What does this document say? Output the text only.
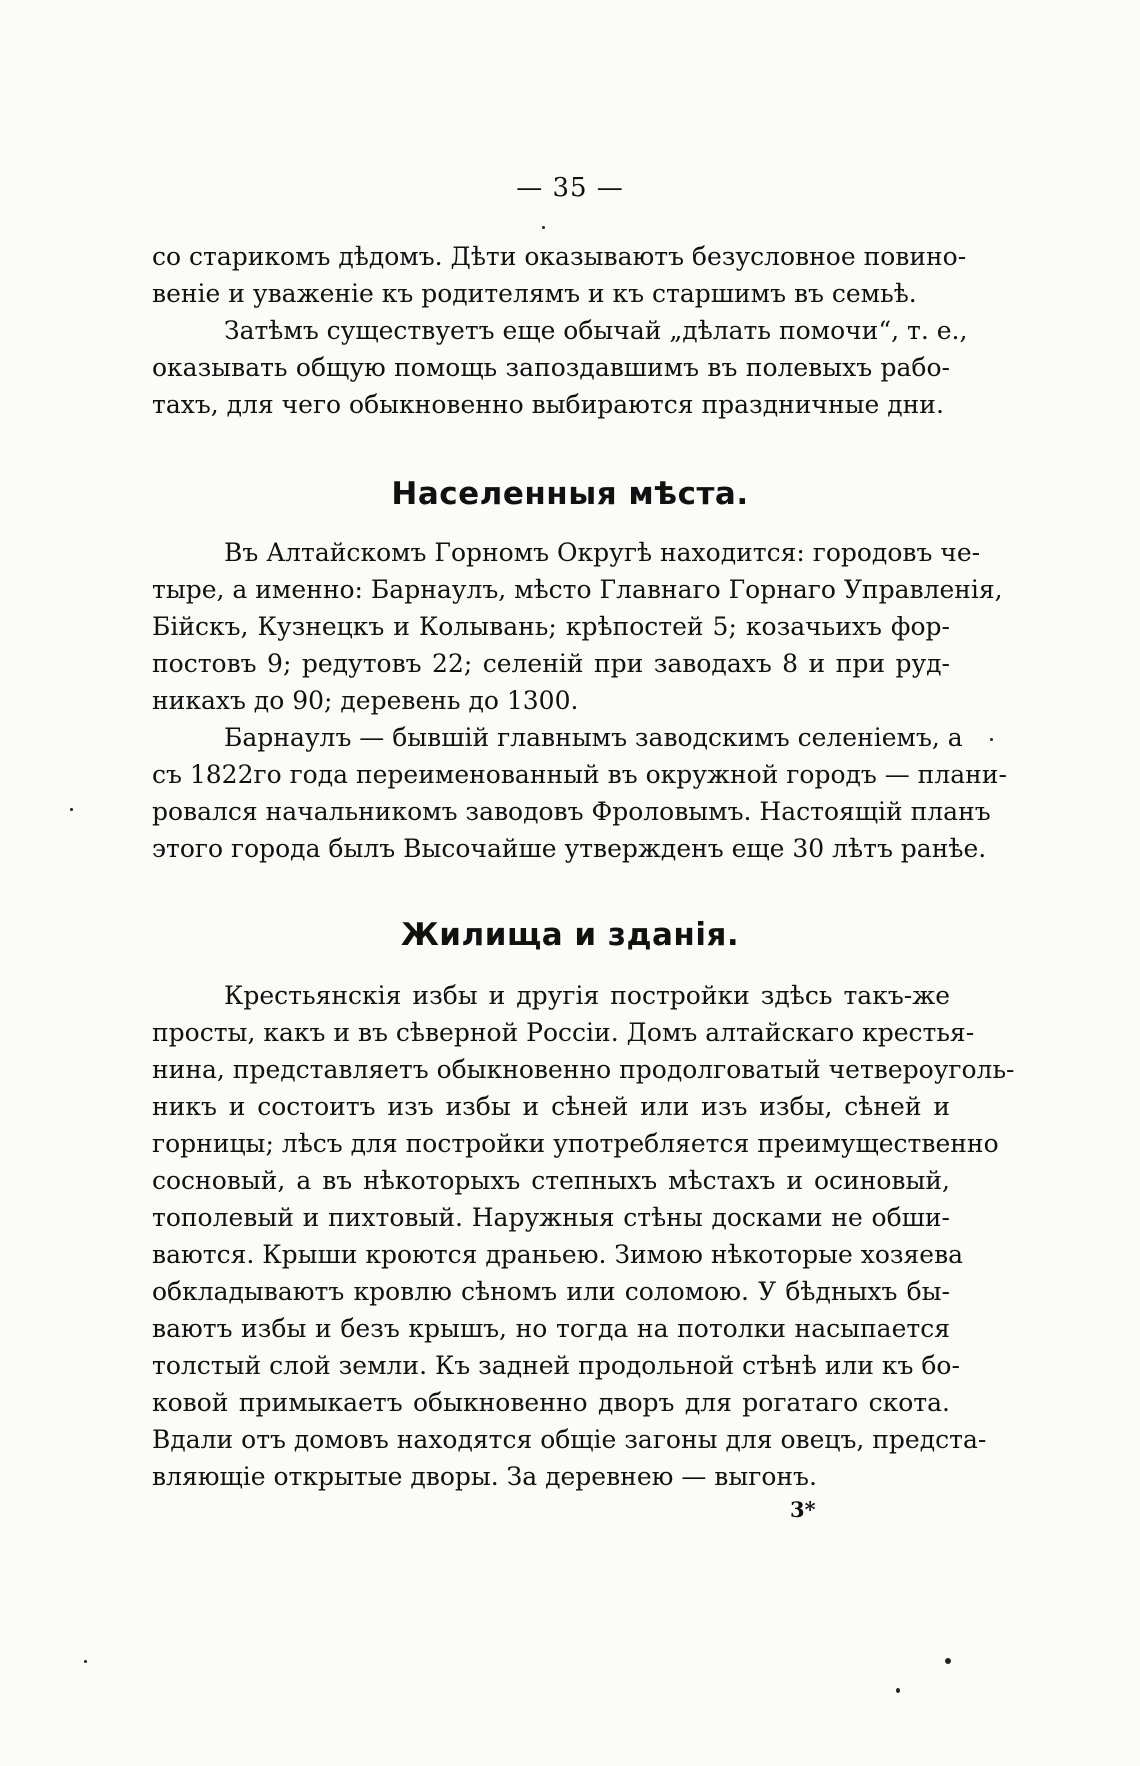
— 35 —
со старикомъ дѣдомъ. Дѣти оказываютъ безусловное повино-
веніе и уваженіе къ родителямъ и къ старшимъ въ семьѣ.
Затѣмъ существуетъ еще обычай „дѣлать помочи“, т. е.,
оказывать общую помощь запоздавшимъ въ полевыхъ рабо-
тахъ, для чего обыкновенно выбираются праздничные дни.
Населенныя мѣста.
Въ Алтайскомъ Горномъ Округѣ находится: городовъ че-
тыре, а именно: Барнаулъ, мѣсто Главнаго Горнаго Управленія,
Бійскъ, Кузнецкъ и Колывань; крѣпостей 5; козачьихъ фор-
постовъ 9; редутовъ 22; селеній при заводахъ 8 и при руд-
никахъ до 90; деревень до 1300.
Барнаулъ — бывшій главнымъ заводскимъ селеніемъ, а
съ 1822го года переименованный въ окружной городъ — плани-
ровался начальникомъ заводовъ Фроловымъ. Настоящій планъ
этого города былъ Высочайше утвержденъ еще 30 лѣтъ ранѣе.
Жилища и зданія.
Крестьянскія избы и другія постройки здѣсь такъ-же
просты, какъ и въ сѣверной Россіи. Домъ алтайскаго крестья-
нина, представляетъ обыкновенно продолговатый четвероуголь-
никъ и состоитъ изъ избы и сѣней или изъ избы, сѣней и
горницы; лѣсъ для постройки употребляется преимущественно
сосновый, а въ нѣкоторыхъ степныхъ мѣстахъ и осиновый,
тополевый и пихтовый. Наружныя стѣны досками не обши-
ваются. Крыши кроются драньею. Зимою нѣкоторые хозяева
обкладываютъ кровлю сѣномъ или соломою. У бѣдныхъ бы-
ваютъ избы и безъ крышъ, но тогда на потолки насыпается
толстый слой земли. Къ задней продольной стѣнѣ или къ бо-
ковой примыкаетъ обыкновенно дворъ для рогатаго скота.
Вдали отъ домовъ находятся общіе загоны для овецъ, предста-
вляющіе открытые дворы. За деревнею — выгонъ.
3*
